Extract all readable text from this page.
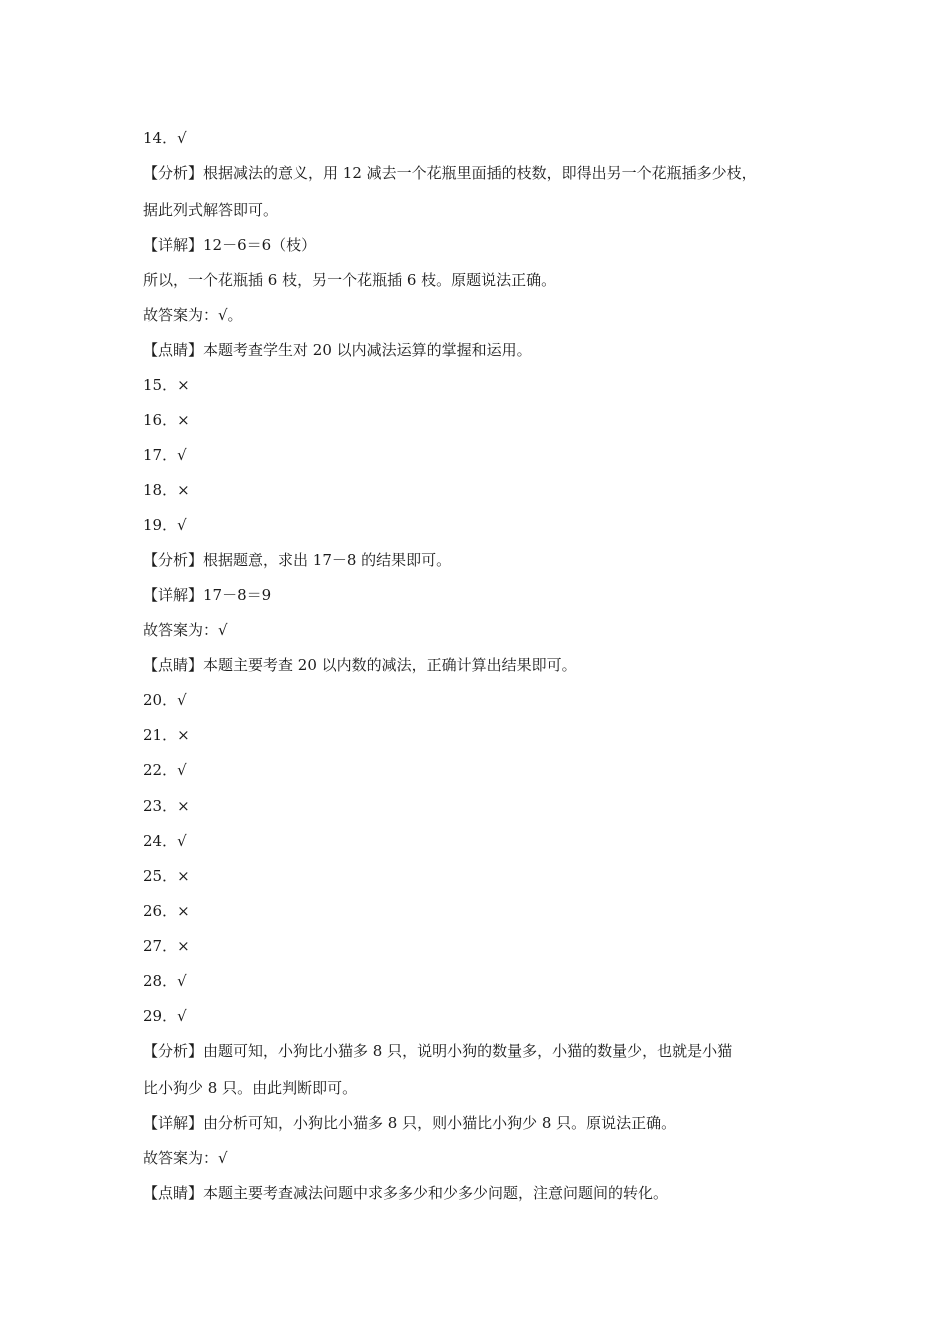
14．√
【分析】根据减法的意义，用 12 减去一个花瓶里面插的枝数，即得出另一个花瓶插多少枝，
据此列式解答即可。
【详解】12－6＝6（枝）
所以，一个花瓶插 6 枝，另一个花瓶插 6 枝。原题说法正确。
故答案为：√。
【点睛】本题考查学生对 20 以内减法运算的掌握和运用。
15．×
16．×
17．√
18．×
19．√
【分析】根据题意，求出 17－8 的结果即可。
【详解】17－8＝9
故答案为：√
【点睛】本题主要考查 20 以内数的减法，正确计算出结果即可。
20．√
21．×
22．√
23．×
24．√
25．×
26．×
27．×
28．√
29．√
【分析】由题可知，小狗比小猫多 8 只，说明小狗的数量多，小猫的数量少，也就是小猫
比小狗少 8 只。由此判断即可。
【详解】由分析可知，小狗比小猫多 8 只，则小猫比小狗少 8 只。原说法正确。
故答案为：√
【点睛】本题主要考查减法问题中求多多少和少多少问题，注意问题间的转化。
